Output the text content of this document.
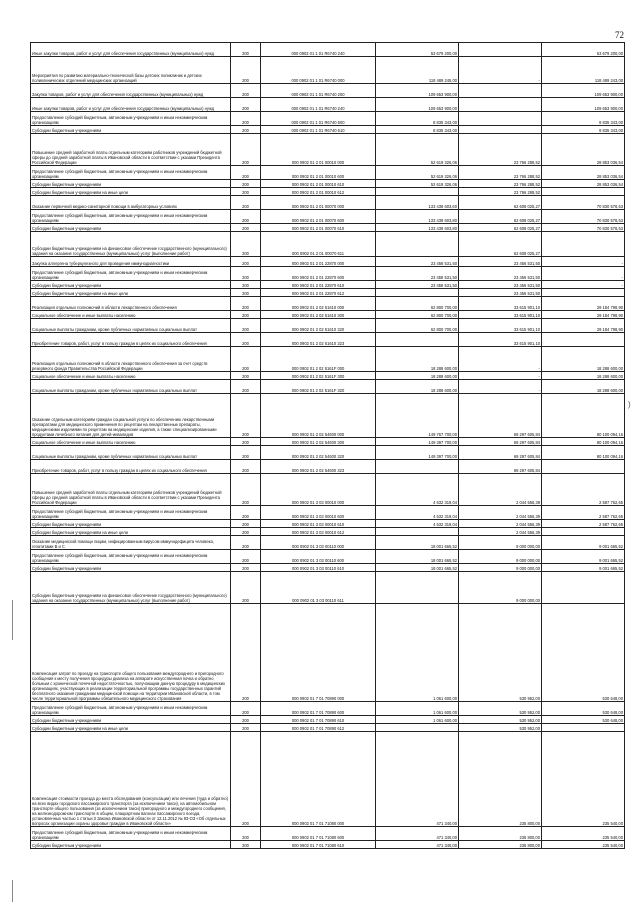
72
)
Иные закупки товаров, работ и услуг для обеспечения государственных (муниципальных) нужд	200	000 0902 01 1 01 R6740 240	53 679 200,00		53 679 200,00
Мероприятия по развитию материально-технической базы детских поликлиник и детских поликлинических отделений медицинских организаций	200	000 0902 01 1 01 R6740 000	118 489 245,00	-	118 489 243,00
Закупка товаров, работ и услуг для обеспечения государственных (муниципальных) нужд	200	000 0902 01 1 01 R6740 200	109 653 900,00		109 653 900,00
Иные закупки товаров, работ и услуг для обеспечения государственных (муниципальных) нужд	200	000 0902 01 1 01 R6740 240	109 653 900,00		109 653 900,00
Предоставление субсидий бюджетным, автономным учреждениям и иным некоммерческим организациям	200	000 0902 01 1 01 R6740 600	8 835 343,00		8 835 343,00
Субсидии бюджетным учреждениям	200	000 0902 01 1 01 R6740 610	8 835 343,00		8 835 343,00
Повышение средней заработной платы отдельным категориям работников учреждений бюджетной сферы до средней заработной платы в Ивановской области в соответствии с указами Президента Российской Федерации	200	000 0902 01 2 01 00010 000	52 619 326,06	23 766 288,52	28 853 036,54
Предоставление субсидий бюджетным, автономным учреждениям и иным некоммерческим организациям	200	000 0902 01 2 01 00010 600	52 619 326,06	23 766 288,52	28 853 036,54
Субсидии бюджетным учреждениям	200	000 0902 01 2 01 00010 610	52 619 326,06	23 766 288,52	28 853 036,54
Субсидии бюджетным учреждениям на иные цели	200	000 0902 01 2 01 00010 612		23 766 288,52	
Оказание первичной медико-санитарной помощи в амбулаторных условиях	200	000 0902 01 2 01 00070 000	133 438 603,60	62 608 025,27	70 830 578,53
Предоставление субсидий бюджетным, автономным учреждениям и иным некоммерческим организациям	200	000 0902 01 2 01 00070 600	133 438 603,80	62 608 025,27	70 830 578,53
Субсидии бюджетным учреждениям	200	000 0902 01 2 01 00070 610	133 438 603,80	62 608 025,27	70 830 578,53
Субсидии бюджетным учреждениям на финансовое обеспечение государственного (муниципального) задания на оказание государственных (муниципальных) услуг (выполнение работ)	200	000 0902 01 2 01 00070 611		62 608 025,27	
Закупка аллергена туберкулезного для проведения иммунодиагностики	200	000 0902 01 2 01 22870 000	23 458 531,50	23 456 531,50	-
Предоставление субсидий бюджетным, автономным учреждениям и иным некоммерческим организациям	200	000 0902 01 2 01 22870 600	23 458 531,50	23 456 531,50	-
Субсидии бюджетным учреждениям	200	000 0902 01 2 01 22870 610	23 458 531,50	23 456 531,50	-
Субсидии бюджетным учреждениям на иные цели	200	000 0902 01 2 01 22870 612		23 456 531,50	
Реализация отдельных полномочий в области лекарственного обеспечения	200	000 0902 01 2 02 51610 000	62 800 700,00	33 615 901,10	29 184 798,90
Социальное обеспечение и иные выплаты населению	200	000 0902 01 2 02 51610 300	62 800 700,00	33 615 901,10	29 184 798,90
Социальные выплаты гражданам, кроме публичных нормативных социальных выплат	200	000 0902 01 2 02 51610 320	62 800 700,00	33 615 901,10	29 184 798,90
Приобретение товаров, работ, услуг в пользу граждан в целях их социального обеспечения	200	000 0902 01 2 02 51610 323		33 615 901,10	
Реализация отдельных полномочий в области лекарственного обеспечения за счет средств резервного фонда Правительства Российской Федерации	200	000 0902 01 2 02 5161F 000	18 288 600,00	-	18 288 600,00
Социальное обеспечение и иные выплаты населению	200	000 0902 01 2 02 5161F 300	18 288 600,00	-	18 288 600,00
Социальные выплаты гражданам, кроме публичных нормативных социальных выплат	200	000 0902 01 2 02 5161F 320	18 288 600,00	-	18 288 600,00
Оказание отдельным категориям граждан социальной услуги по обеспечению лекарственными препаратами для медицинского применения по рецептам на лекарственные препараты, медицинскими изделиями по рецептам на медицинские изделия, а также специализированными продуктами лечебного питания для детей-инвалидов	200	000 0902 01 2 02 54600 000	149 767 700,00	69 297 605,84	80 100 094,16
Социальное обеспечение и иные выплаты населению	200	000 0902 01 2 02 54600 300	149 397 700,00	69 297 605,84	80 100 094,16
Социальные выплаты гражданам, кроме публичных нормативных социальных выплат	200	000 0902 01 2 02 54600 320	149 397 700,00	69 297 605,84	80 100 094,16
Приобретение товаров, работ, услуг в пользу граждан в целях их социального обеспечения	200	000 0902 01 2 02 54600 323		69 297 605,84	
Повышение средней заработной платы отдельным категориям работников учреждений бюджетной сферы до средней заработной платы в Ивановской области в соответствии с указами Президента Российской Федерации	200	000 0902 01 3 03 00010 000	4 632 319,04	2 044 556,39	2 587 762,65
Предоставление субсидий бюджетным, автономным учреждениям и иным некоммерческим организациям	200	000 0902 01 3 03 00010 600	4 632 319,04	2 044 556,39	2 587 762,65
Субсидии бюджетным учреждениям	200	000 0902 01 3 03 00010 610	4 632 319,04	2 044 556,39	2 587 762,65
Субсидии бюджетным учреждениям на иные цели	200	000 0902 01 3 03 00010 612		2 044 556,39	
Оказание медицинской помощи лицам, инфицированным вирусом иммунодефицита человека, гепатитами В и С	200	000 0902 01 3 03 00110 000	18 001 665,52	9 000 000,00	9 001 665,52
Предоставление субсидий бюджетным, автономным учреждениям и иным некоммерческим организациям	200	000 0902 01 3 03 00110 600	18 001 665,52	9 000 000,00	9 001 665,52
Субсидии бюджетным учреждениям	200	000 0902 01 3 03 00110 610	18 001 665,52	9 000 000,00	9 001 665,52
Субсидии бюджетным учреждениям на финансовое обеспечение государственного (муниципального) задания на оказание государственных (муниципальных) услуг (выполнение работ)	200	000 0902 01 3 03 00110 611		9 000 000,00	
Компенсация затрат по проезду на транспорте общего пользования междугороднего и пригородного сообщения к месту получения процедуры диализа на аппарате искусственная почка и обратно больным с хронической почечной недостаточностью, получающим данную процедуру в медицинских организациях, участвующих в реализации территориальной программы государственных гарантий бесплатного оказания гражданам медицинской помощи на территории Ивановской области, в том числе территориальной программы обязательного медицинского страхования	200	000 0902 01 7 01 70890 000	1 061 600,00	530 952,00	530 648,00
Предоставление субсидий бюджетным, автономным учреждениям и иным некоммерческим организациям	200	000 0902 01 7 01 70890 600	1 061 600,00	530 952,00	530 648,00
Субсидии бюджетным учреждениям	200	000 0902 01 7 01 70890 610	1 061 600,00	530 952,00	530 648,00
Субсидии бюджетным учреждениям на иные цели	200	000 0902 01 7 01 70890 612		530 952,00	
Компенсация стоимости проезда до места обследования (консультации) или лечения (туда и обратно) на всех видах городского пассажирского транспорта (за исключением такси), на автомобильном транспорте общего пользования (за исключением такси) пригородного и междугороднего сообщения, на железнодорожном транспорте в общем, плацкартном вагонах пассажирского поезда, установленных частью 1 статьи 3 Закона Ивановской области от 12.11.2012 № 93-ОЗ «Об отдельных вопросах организации охраны здоровья граждан в Ивановской области»	200	000 0902 01 7 01 71080 000	471 340,00	235 800,00	235 540,00
Предоставление субсидий бюджетным, автономным учреждениям и иным некоммерческим организациям	200	000 0902 01 7 01 71080 600	471 340,00	235 800,00	235 540,00
Субсидии бюджетным учреждениям	200	000 0902 01 7 01 71080 610	471 340,00	235 800,00	235 540,00
